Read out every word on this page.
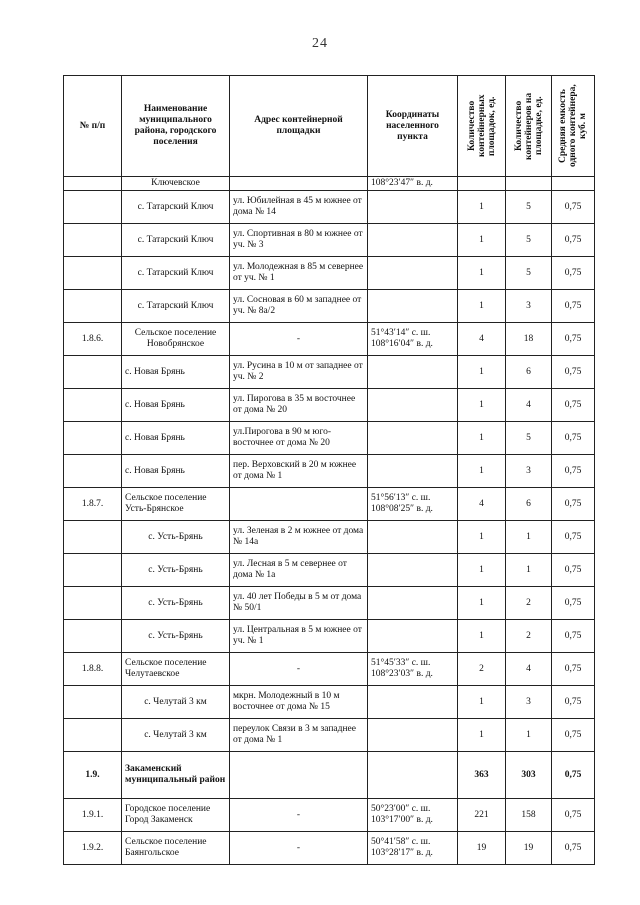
24
№ п/п	Наименование муниципального района, городского поселения	Адрес контейнерной площадки	Координаты населенного пункта	Количество контейнерных площадок, ед.	Количество контейнеров на площадке, ед.	Средняя емкость одного контейнера, куб. м

	Ключевское		108°23′47″ в. д.			
	с. Татарский Ключ	ул. Юбилейная в 45 м южнее от дома № 14		1	5	0,75
	с. Татарский Ключ	ул. Спортивная в 80 м южнее от уч. № 3		1	5	0,75
	с. Татарский Ключ	ул. Молодежная в 85 м севернее от уч. № 1		1	5	0,75
	с. Татарский Ключ	ул. Сосновая в 60 м западнее от уч. № 8а/2		1	3	0,75
1.8.6.	Сельское поселение Новобрянское	-	51°43′14″ с. ш. 108°16′04″ в. д.	4	18	0,75
	с. Новая Брянь	ул. Русина в 10 м от западнее от уч. № 2		1	6	0,75
	с. Новая Брянь	ул. Пирогова в 35 м восточнее от дома № 20		1	4	0,75
	с. Новая Брянь	ул.Пирогова в 90 м юго-восточнее от дома № 20		1	5	0,75
	с. Новая Брянь	пер. Верховский в 20 м южнее от дома № 1		1	3	0,75
1.8.7.	Сельское поселение Усть-Брянское		51°56′13″ с. ш. 108°08′25″ в. д.	4	6	0,75
	с. Усть-Брянь	ул. Зеленая в 2 м южнее от дома № 14а		1	1	0,75
	с. Усть-Брянь	ул. Лесная в 5 м севернее от дома № 1а		1	1	0,75
	с. Усть-Брянь	ул. 40 лет Победы в 5 м от дома № 50/1		1	2	0,75
	с. Усть-Брянь	ул. Центральная в 5 м южнее от уч. № 1		1	2	0,75
1.8.8.	Сельское поселение Челутаевское	-	51°45′33″ с. ш. 108°23′03″ в. д.	2	4	0,75
	с. Челутай 3 км	мкрн. Молодежный в 10 м восточнее от дома № 15		1	3	0,75
	с. Челутай 3 км	переулок Связи в 3 м западнее от дома № 1		1	1	0,75
1.9.	Закаменский муниципальный район			363	303	0,75
1.9.1.	Городское поселение Город Закаменск	-	50°23′00″ с. ш. 103°17′00″ в. д.	221	158	0,75
1.9.2.	Сельское поселение Баянгольское	-	50°41′58″ с. ш. 103°28′17″ в. д.	19	19	0,75
